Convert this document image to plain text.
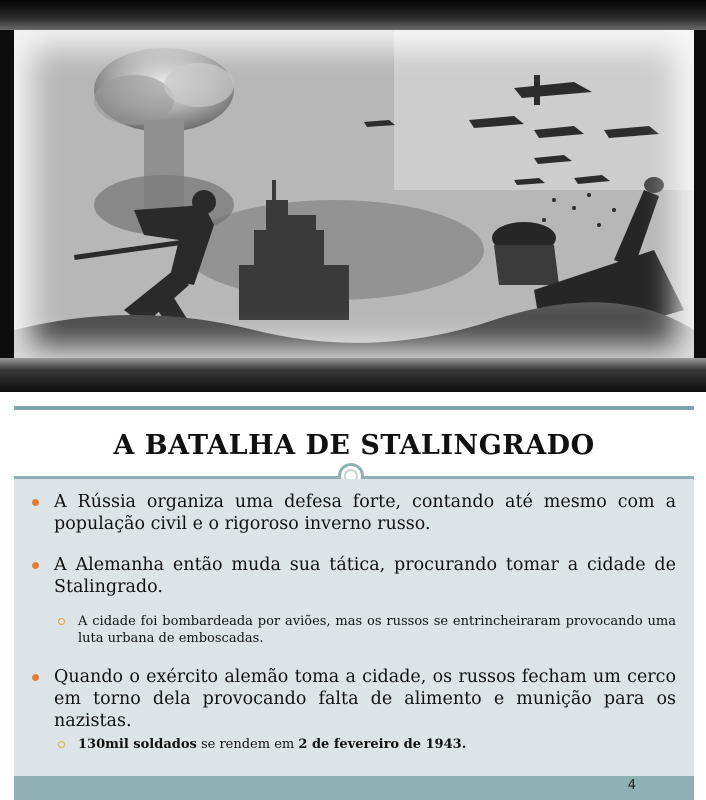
A BATALHA DE STALINGRADO
A Rússia organiza uma defesa forte, contando até mesmo com a população civil e o rigoroso inverno russo.
A Alemanha então muda sua tática, procurando tomar a cidade de Stalingrado.
A cidade foi bombardeada por aviões, mas os russos se entrincheiraram provocando uma luta urbana de emboscadas.
Quando o exército alemão toma a cidade, os russos fecham um cerco em torno dela provocando falta de alimento e munição para os nazistas.
130mil soldados se rendem em 2 de fevereiro de 1943.
4
